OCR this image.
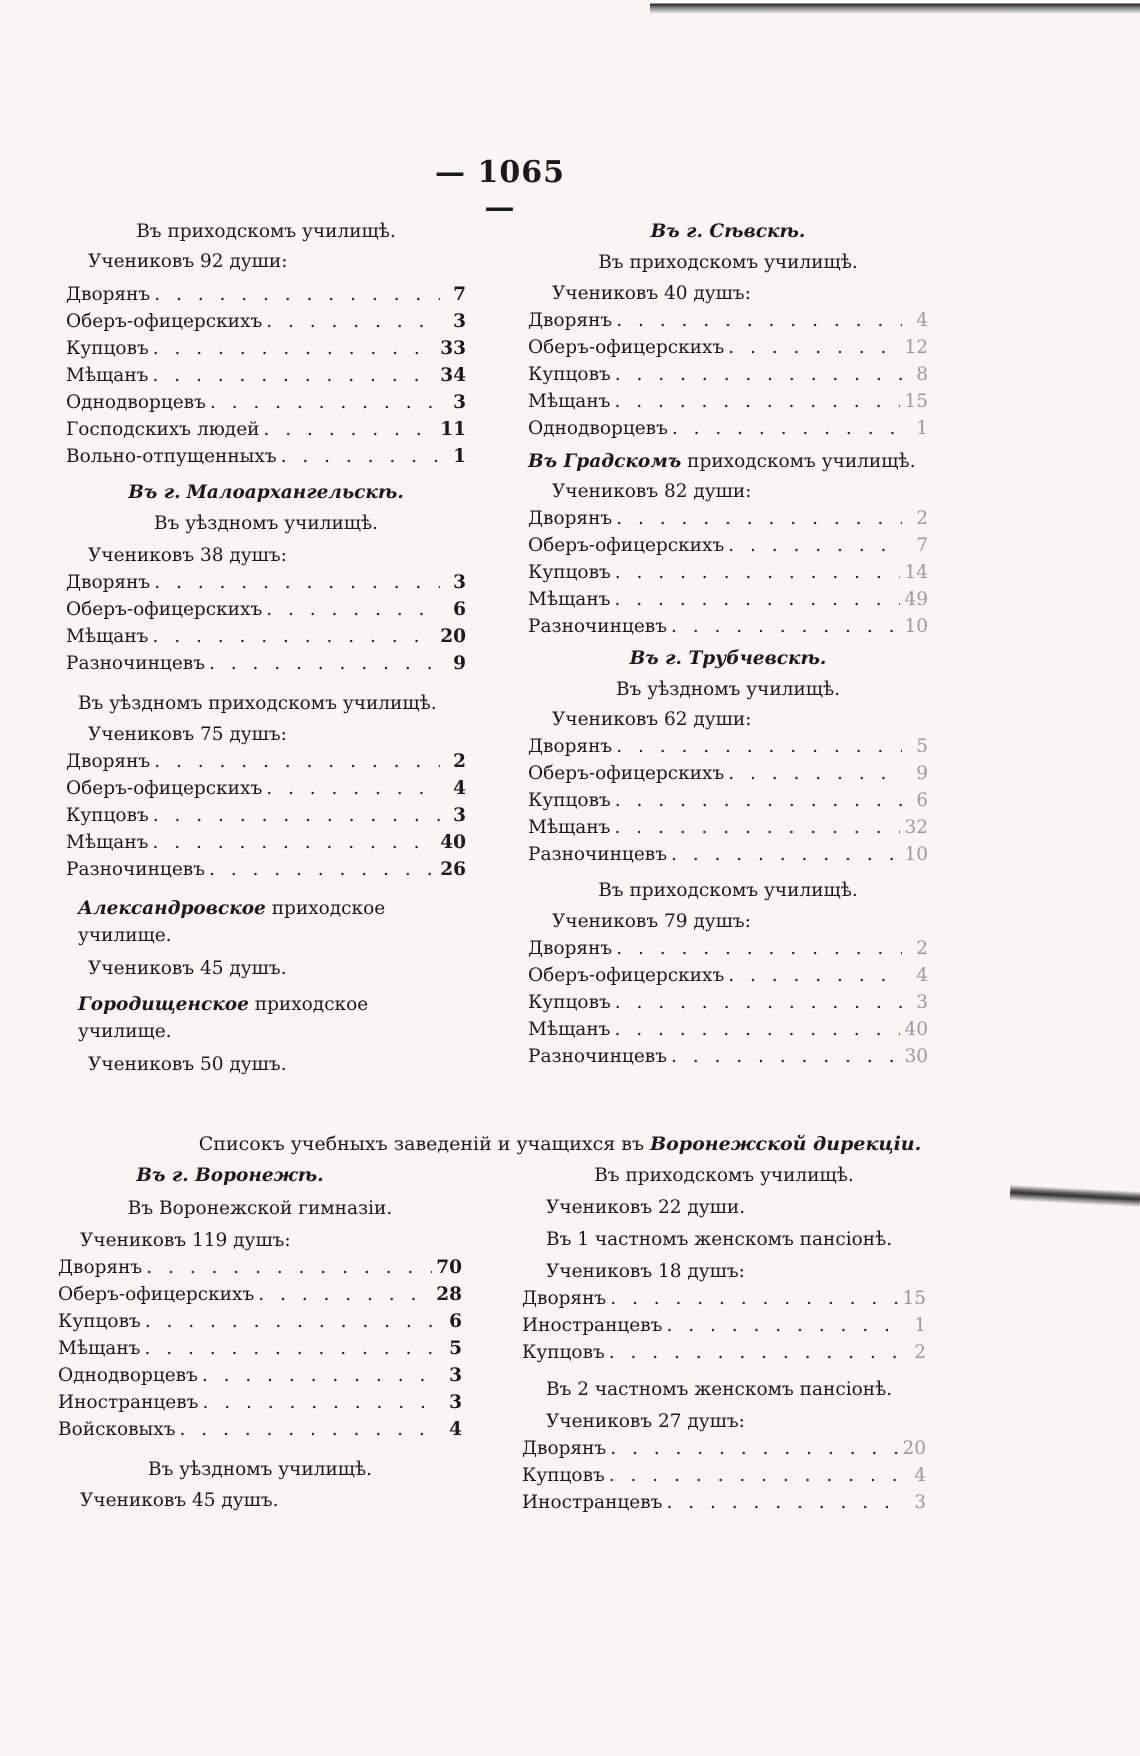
— 1065 —
Въ приходскомъ училищѣ.
Учениковъ 92 души:
Дворянъ . . .	7
Оберъ-офицерскихъ . . .	3
Купцовъ . . .	33
Мѣщанъ . . .	34
Однодворцевъ . . .	3
Господскихъ людей . . .	11
Вольно-отпущенныхъ . . .	1
Въ г. Малоархангельскѣ.
Въ уѣздномъ училищѣ.
Учениковъ 38 душъ:
Дворянъ . . .	3
Оберъ-офицерскихъ . . .	6
Мѣщанъ . . .	20
Разночинцевъ . . .	9
Въ уѣздномъ приходскомъ училищѣ.
Учениковъ 75 душъ:
Дворянъ . . .	2
Оберъ-офицерскихъ . . .	4
Купцовъ . . .	3
Мѣщанъ . . .	40
Разночинцевъ . . .	26
Александровское приходское училище.
Учениковъ 45 душъ.
Городищенское приходское училище.
Учениковъ 50 душъ.
Въ г. Сѣвскѣ.
Въ приходскомъ училищѣ.
Учениковъ 40 душъ:
Дворянъ . . .	4
Оберъ-офицерскихъ . . .	12
Купцовъ . . .	8
Мѣщанъ . . .	15
Однодворцевъ . . .	1
Въ Градскомъ приходскомъ училищѣ.
Учениковъ 82 души:
Дворянъ . . .	2
Оберъ-офицерскихъ . . .	7
Купцовъ . . .	14
Мѣщанъ . . .	49
Разночинцевъ . . .	10
Въ г. Трубчевскѣ.
Въ уѣздномъ училищѣ.
Учениковъ 62 души:
Дворянъ . . .	5
Оберъ-офицерскихъ . . .	9
Купцовъ . . .	6
Мѣщанъ . . .	32
Разночинцевъ . . .	10
Въ приходскомъ училищѣ.
Учениковъ 79 душъ:
Дворянъ . . .	2
Оберъ-офицерскихъ . . .	4
Купцовъ . . .	3
Мѣщанъ . . .	40
Разночинцевъ . . .	30
Списокъ учебныхъ заведеній и учащихся въ Воронежской дирекціи.
Въ г. Воронежѣ.
Въ Воронежской гимназіи.
Учениковъ 119 душъ:
Дворянъ . . .	70
Оберъ-офицерскихъ . . .	28
Купцовъ . . .	6
Мѣщанъ . . .	5
Однодворцевъ . . .	3
Иностранцевъ . . .	3
Войсковыхъ . . .	4
Въ уѣздномъ училищѣ.
Учениковъ 45 душъ.
Въ приходскомъ училищѣ.
Учениковъ 22 души.
Въ 1 частномъ женскомъ пансіонѣ.
Учениковъ 18 душъ:
Дворянъ . . .	15
Иностранцевъ . . .	1
Купцовъ . . .	2
Въ 2 частномъ женскомъ пансіонѣ.
Учениковъ 27 душъ:
Дворянъ . . .	20
Купцовъ . . .	4
Иностранцевъ . . .	3
